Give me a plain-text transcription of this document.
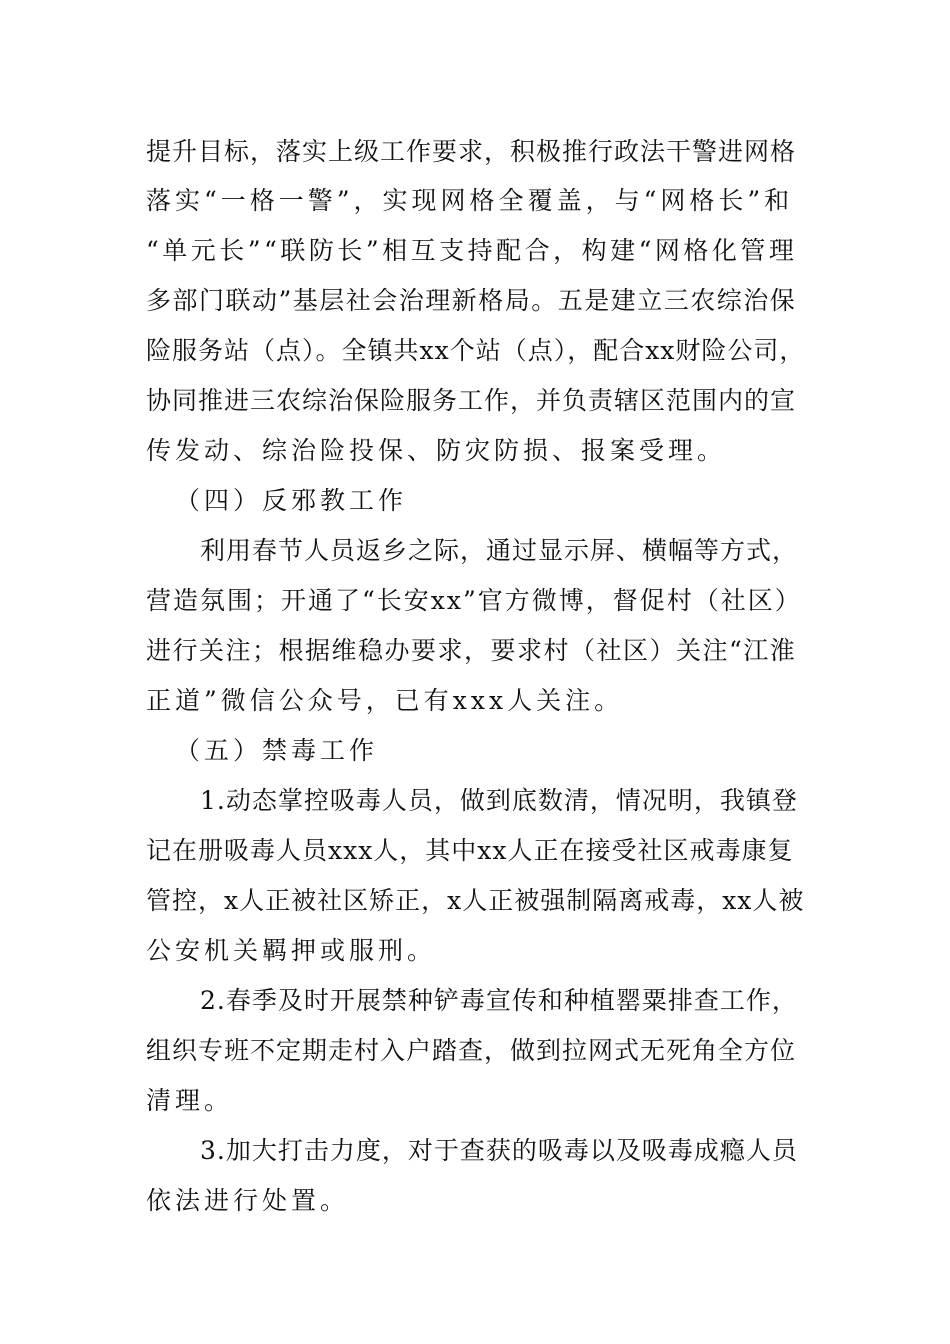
提升目标，落实上级工作要求，积极推行政法干警进网格
落实“一格一警”，实现网格全覆盖，与“网格长”和
“单元长”“联防长”相互支持配合，构建“网格化管理
多部门联动”基层社会治理新格局。五是建立三农综治保
险服务站（点）。全镇共xx个站（点），配合xx财险公司，
协同推进三农综治保险服务工作，并负责辖区范围内的宣
传发动、综治险投保、防灾防损、报案受理。
（四）反邪教工作
利用春节人员返乡之际，通过显示屏、横幅等方式，
营造氛围；开通了“长安xx”官方微博，督促村（社区）
进行关注；根据维稳办要求，要求村（社区）关注“江淮
正道”微信公众号，已有xxx人关注。
（五）禁毒工作
1.动态掌控吸毒人员，做到底数清，情况明，我镇登
记在册吸毒人员xxx人，其中xx人正在接受社区戒毒康复
管控，x人正被社区矫正，x人正被强制隔离戒毒，xx人被
公安机关羁押或服刑。
2.春季及时开展禁种铲毒宣传和种植罂粟排查工作，
组织专班不定期走村入户踏查，做到拉网式无死角全方位
清理。
3.加大打击力度，对于查获的吸毒以及吸毒成瘾人员
依法进行处置。
